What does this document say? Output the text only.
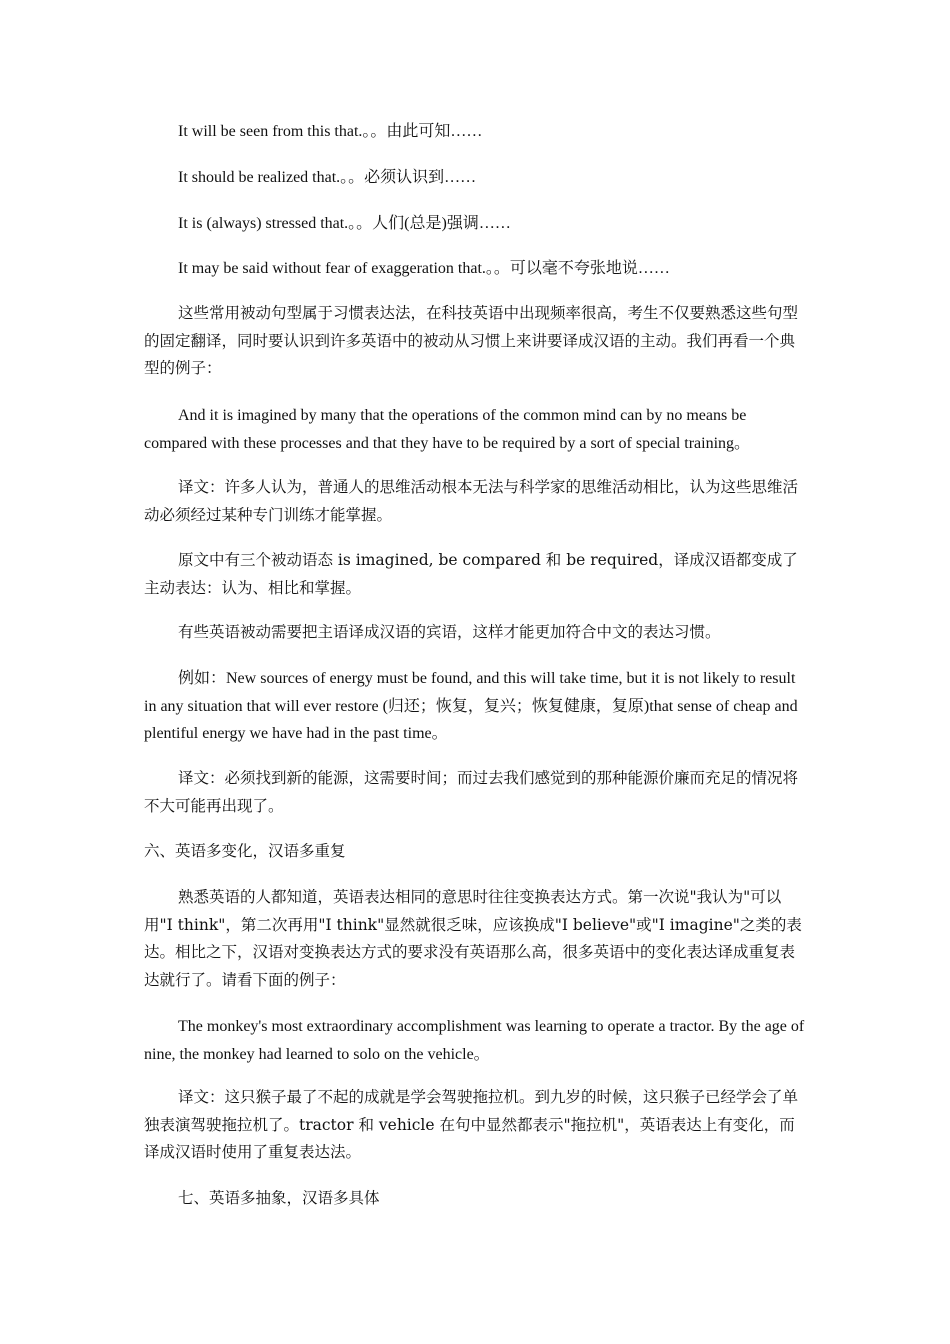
It will be seen from this that.。。由此可知……

It should be realized that.。。必须认识到……

It is (always) stressed that.。。人们(总是)强调……

It may be said without fear of exaggeration that.。。可以毫不夸张地说……

这些常用被动句型属于习惯表达法，在科技英语中出现频率很高，考生不仅要熟悉这些句型的固定翻译，同时要认识到许多英语中的被动从习惯上来讲要译成汉语的主动。我们再看一个典型的例子：

And it is imagined by many that the operations of the common mind can by no means be compared with these processes and that they have to be required by a sort of special training。

译文：许多人认为，普通人的思维活动根本无法与科学家的思维活动相比，认为这些思维活动必须经过某种专门训练才能掌握。

原文中有三个被动语态 is imagined, be compared 和 be required，译成汉语都变成了主动表达：认为、相比和掌握。

有些英语被动需要把主语译成汉语的宾语，这样才能更加符合中文的表达习惯。

例如：New sources of energy must be found, and this will take time, but it is not likely to result in any situation that will ever restore (归还；恢复，复兴；恢复健康，复原)that sense of cheap and plentiful energy we have had in the past time。

译文：必须找到新的能源，这需要时间；而过去我们感觉到的那种能源价廉而充足的情况将不大可能再出现了。

六、英语多变化，汉语多重复

熟悉英语的人都知道，英语表达相同的意思时往往变换表达方式。第一次说"我认为"可以用"I think"，第二次再用"I think"显然就很乏味，应该换成"I believe"或"I imagine"之类的表达。相比之下，汉语对变换表达方式的要求没有英语那么高，很多英语中的变化表达译成重复表达就行了。请看下面的例子：

The monkey's most extraordinary accomplishment was learning to operate a tractor. By the age of nine, the monkey had learned to solo on the vehicle。

译文：这只猴子最了不起的成就是学会驾驶拖拉机。到九岁的时候，这只猴子已经学会了单独表演驾驶拖拉机了。tractor 和 vehicle 在句中显然都表示"拖拉机"，英语表达上有变化，而译成汉语时使用了重复表达法。

七、英语多抽象，汉语多具体
